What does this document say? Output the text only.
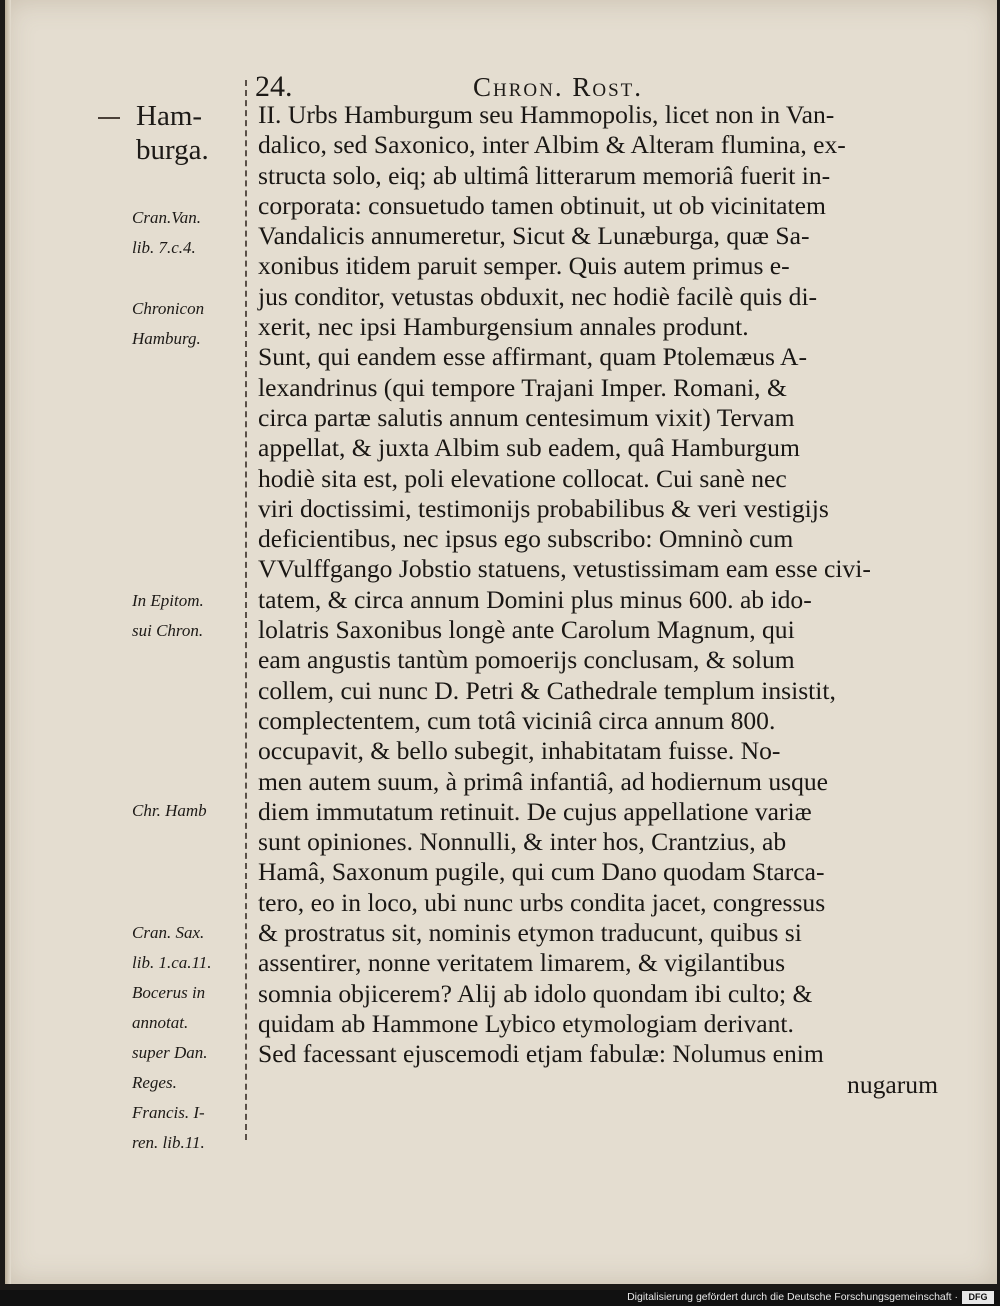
24.	Chron. Rost.
Ham-
burga.
Cran.Van.
lib. 7.c.4.
Chronicon
Hamburg.
In Epitom.
sui Chron.
Chr. Hamb
Cran. Sax.
lib. 1.ca.11.
Bocerus in
annotat.
super Dan.
Reges.
Francis. I-
ren. lib.11.
II. Urbs Hamburgum seu Hammopolis, licet non in Van-
dalico, sed Saxonico, inter Albim & Alteram flumina, ex-
structa solo, eiq; ab ultimâ litterarum memoriâ fuerit in-
corporata: consuetudo tamen obtinuit, ut ob vicinitatem
Vandalicis annumeretur, Sicut & Lunæburga, quæ Sa-
xonibus itidem paruit semper. Quis autem primus e-
jus conditor, vetustas obduxit, nec hodiè facilè quis di-
xerit, nec ipsi Hamburgensium annales produnt.
Sunt, qui eandem esse affirmant, quam Ptolemæus A-
lexandrinus (qui tempore Trajani Imper. Romani, &
circa partæ salutis annum centesimum vixit) Tervam
appellat, & juxta Albim sub eadem, quâ Hamburgum
hodiè sita est, poli elevatione collocat. Cui sanè nec
viri doctissimi, testimonijs probabilibus & veri vestigijs
deficientibus, nec ipsus ego subscribo: Omninò cum
VVulffgango Jobstio statuens, vetustissimam eam esse civi-
tatem, & circa annum Domini plus minus 600. ab ido-
lolatris Saxonibus longè ante Carolum Magnum, qui
eam angustis tantùm pomoerijs conclusam, & solum
collem, cui nunc D. Petri & Cathedrale templum insistit,
complectentem, cum totâ viciniâ circa annum 800.
occupavit, & bello subegit, inhabitatam fuisse. No-
men autem suum, à primâ infantiâ, ad hodiernum usque
diem immutatum retinuit. De cujus appellatione variæ
sunt opiniones. Nonnulli, & inter hos, Crantzius, ab
Hamâ, Saxonum pugile, qui cum Dano quodam Starca-
tero, eo in loco, ubi nunc urbs condita jacet, congressus
& prostratus sit, nominis etymon traducunt, quibus si
assentirer, nonne veritatem limarem, & vigilantibus
somnia objicerem? Alij ab idolo quondam ibi culto; &
quidam ab Hammone Lybico etymologiam derivant.
Sed facessant ejuscemodi etjam fabulæ: Nolumus enim
nugarum
Digitalisierung gefördert durch die Deutsche Forschungsgemeinschaft ·	DFG
